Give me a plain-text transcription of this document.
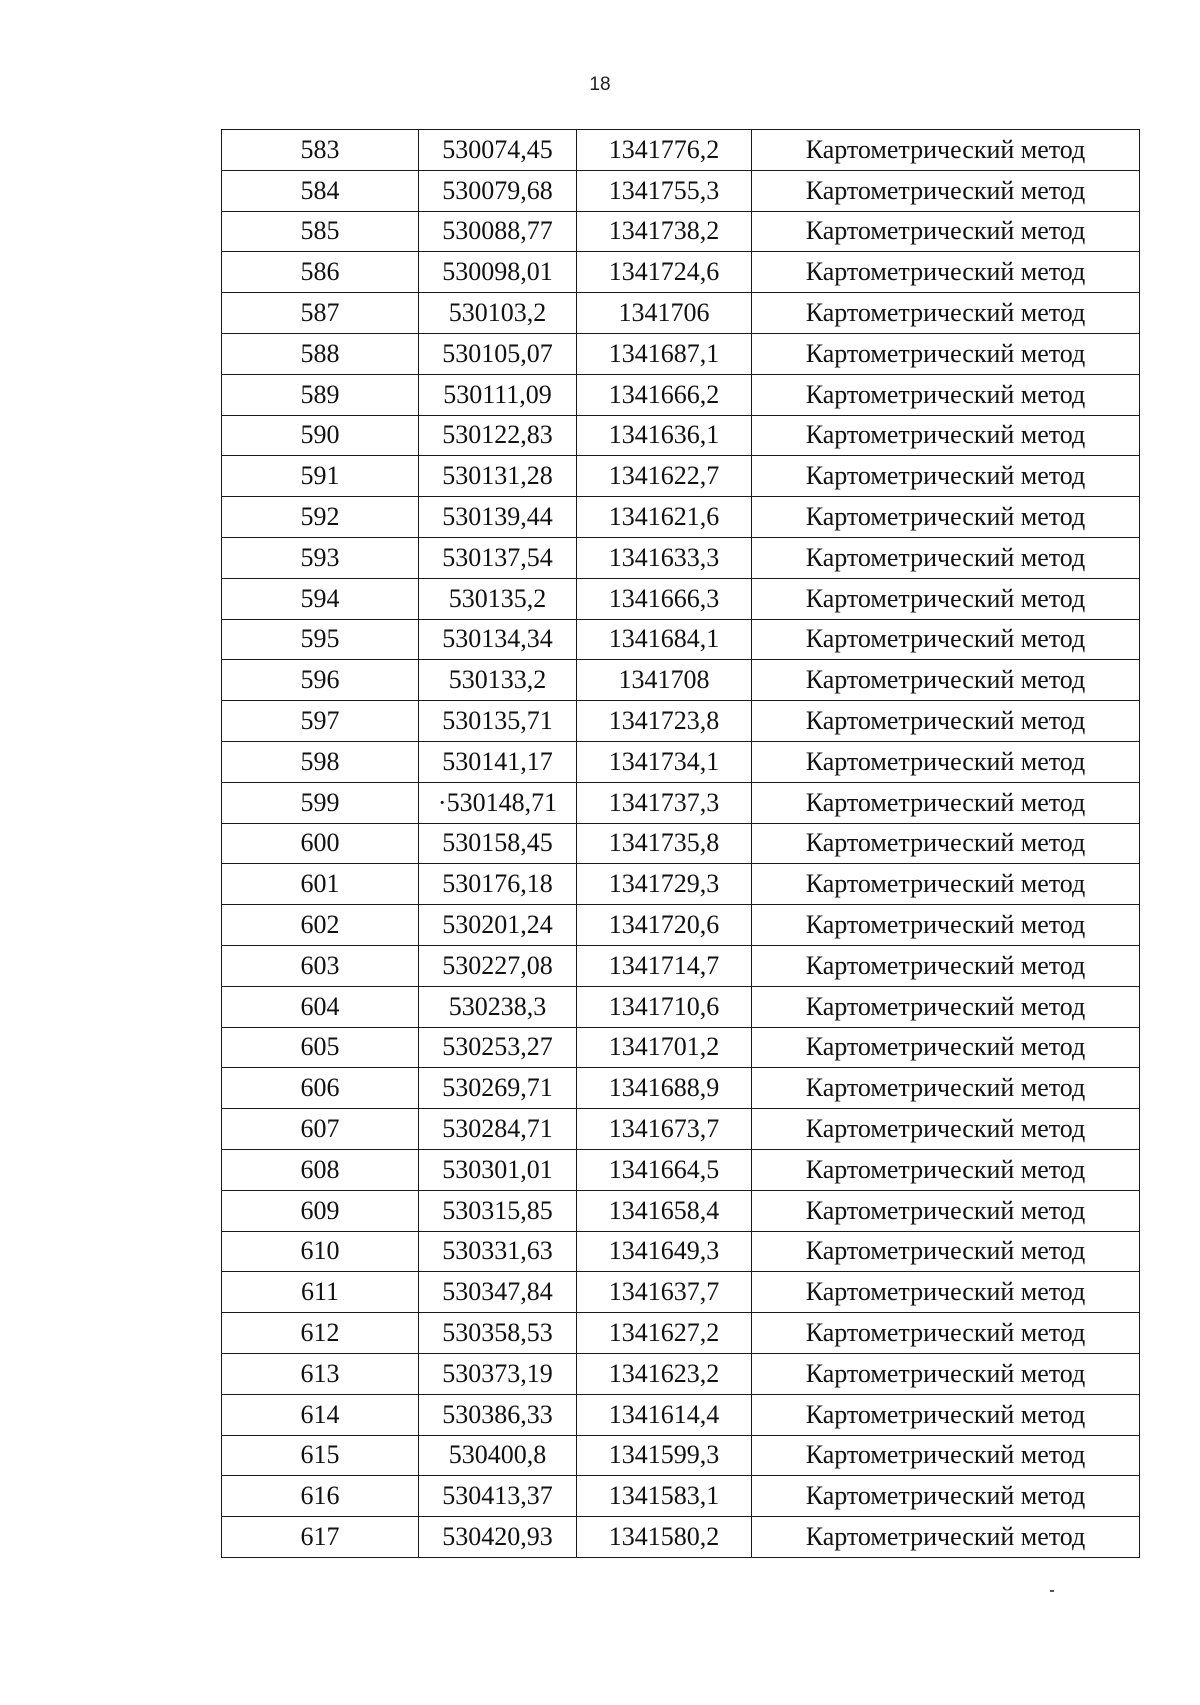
18
583	530074,45	1341776,2	Картометрический метод
584	530079,68	1341755,3	Картометрический метод
585	530088,77	1341738,2	Картометрический метод
586	530098,01	1341724,6	Картометрический метод
587	530103,2	1341706	Картометрический метод
588	530105,07	1341687,1	Картометрический метод
589	530111,09	1341666,2	Картометрический метод
590	530122,83	1341636,1	Картометрический метод
591	530131,28	1341622,7	Картометрический метод
592	530139,44	1341621,6	Картометрический метод
593	530137,54	1341633,3	Картометрический метод
594	530135,2	1341666,3	Картометрический метод
595	530134,34	1341684,1	Картометрический метод
596	530133,2	1341708	Картометрический метод
597	530135,71	1341723,8	Картометрический метод
598	530141,17	1341734,1	Картометрический метод
599	·530148,71	1341737,3	Картометрический метод
600	530158,45	1341735,8	Картометрический метод
601	530176,18	1341729,3	Картометрический метод
602	530201,24	1341720,6	Картометрический метод
603	530227,08	1341714,7	Картометрический метод
604	530238,3	1341710,6	Картометрический метод
605	530253,27	1341701,2	Картометрический метод
606	530269,71	1341688,9	Картометрический метод
607	530284,71	1341673,7	Картометрический метод
608	530301,01	1341664,5	Картометрический метод
609	530315,85	1341658,4	Картометрический метод
610	530331,63	1341649,3	Картометрический метод
611	530347,84	1341637,7	Картометрический метод
612	530358,53	1341627,2	Картометрический метод
613	530373,19	1341623,2	Картометрический метод
614	530386,33	1341614,4	Картометрический метод
615	530400,8	1341599,3	Картометрический метод
616	530413,37	1341583,1	Картометрический метод
617	530420,93	1341580,2	Картометрический метод
